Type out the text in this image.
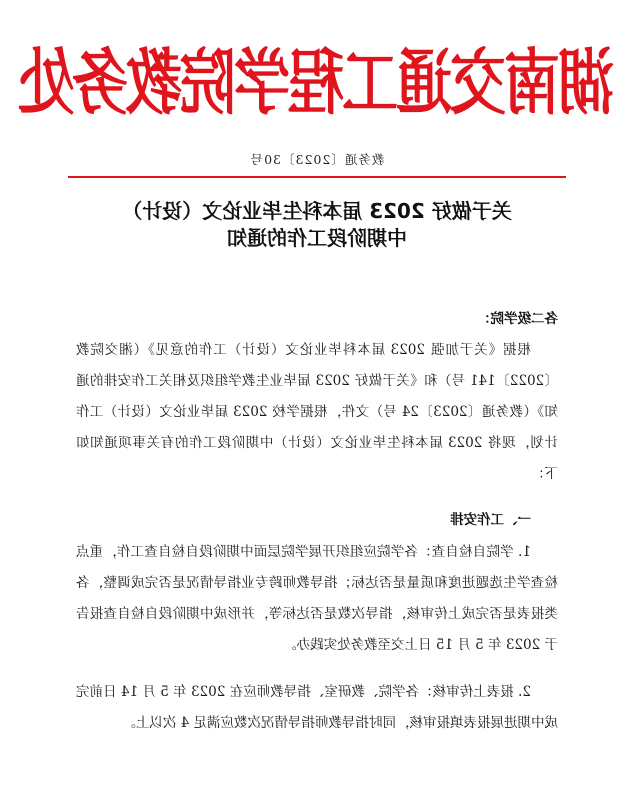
湖南交通工程学院教务处
教务通〔2023〕30号
关于做好 2023 届本科生毕业论文（设计）
中期阶段工作的通知
各二级学院：

根据《关于加强 2023 届本科毕业论文（设计）工作的意见》（湘交院教〔2022〕141 号）和《关于做好 2023 届毕业生教学组织及相关工作安排的通知》（教务通〔2023〕24 号）文件，根据学校 2023 届毕业论文（设计）工作计划，现将 2023 届本科生毕业论文（设计）中期阶段工作的有关事项通知如下：

一、工作安排

1. 学院自检自查：各学院应组织开展学院层面中期阶段自检自查工作，重点检查学生选题进度和质量是否达标；指导教师跨专业指导情况是否完成调整，各类报表是否完成上传审核，指导次数是否达标等，并形成中期阶段自检自查报告于 2023 年 5 月 15 日上交至教务处实践办。

2. 报表上传审核：各学院、教研室、指导教师应在 2023 年 5 月 14 日前完成中期进展报表填报审核，同时指导教师指导情况次数应满足 4 次以上。
